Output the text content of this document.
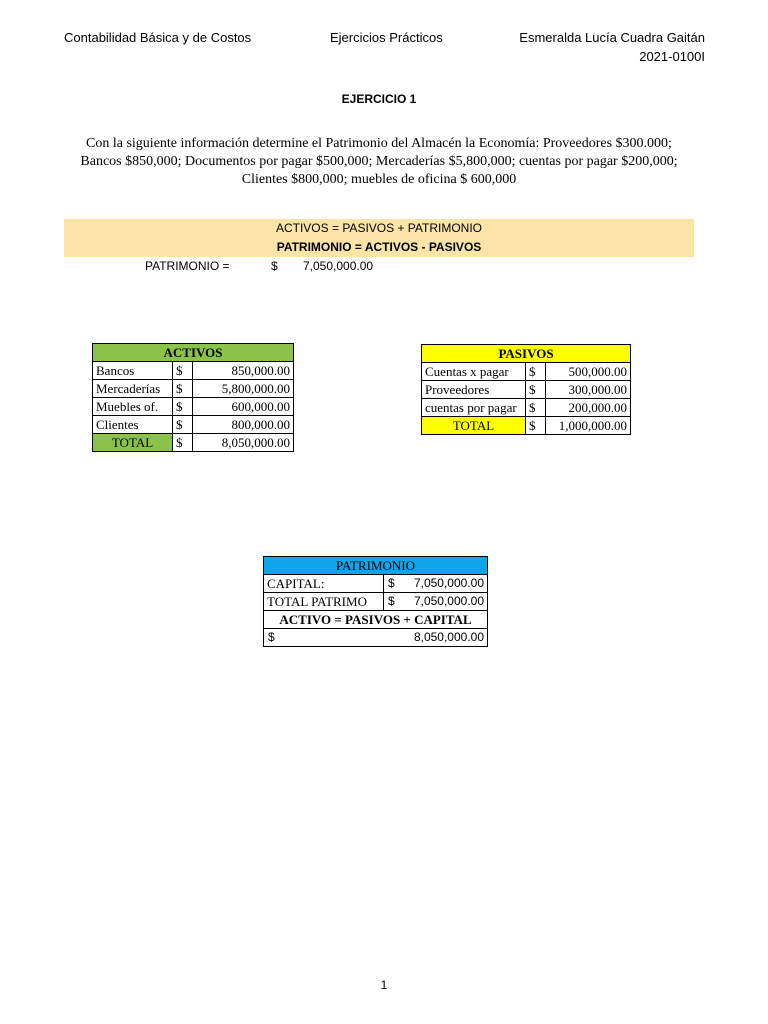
Contabilidad Básica y de Costos	Ejercicios Prácticos	Esmeralda Lucía Cuadra Gaitán
2021-0100I
EJERCICIO 1
Con la siguiente información determine el Patrimonio del Almacén la Economía: Proveedores $300.000; Bancos $850,000; Documentos por pagar $500,000; Mercaderías $5,800,000; cuentas por pagar $200,000; Clientes $800,000; muebles de oficina $ 600,000
ACTIVOS = PASIVOS + PATRIMONIO
PATRIMONIO = ACTIVOS - PASIVOS
PATRIMONIO =	$ 7,050,000.00
ACTIVOS		
Bancos	$	850,000.00
Mercaderías	$	5,800,000.00
Muebles of.	$	600,000.00
Clientes	$	800,000.00
TOTAL	$	8,050,000.00
PASIVOS		
Cuentas x pagar	$	500,000.00
Proveedores	$	300,000.00
cuentas por pagar	$	200,000.00
TOTAL	$	1,000,000.00
PATRIMONIO	
CAPITAL:	$ 7,050,000.00
TOTAL PATRIMO	$ 7,050,000.00
ACTIVO = PASIVOS + CAPITAL	

$ 8,050,000.00	
1
